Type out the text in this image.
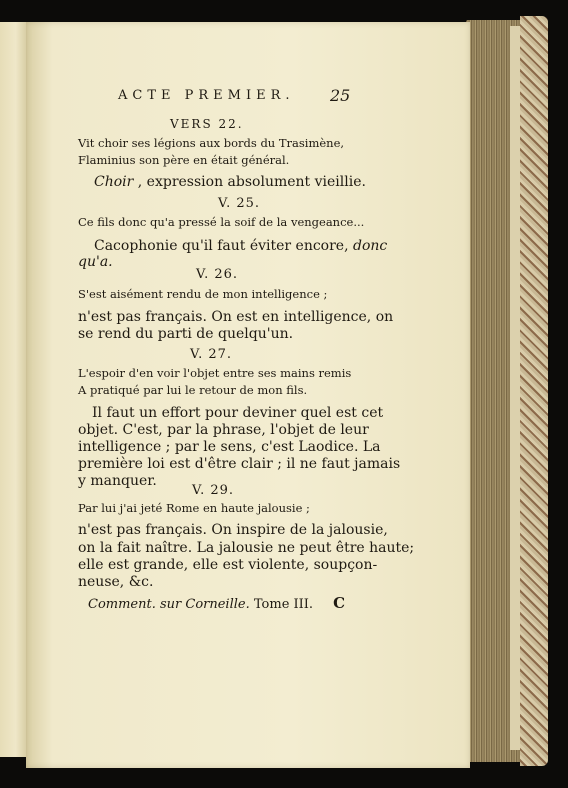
ACTE PREMIER. 25
VERS 22.
Vit choir ses légions aux bords du Trasimène,
Flaminius son père en était général.
Choir , expression absolument vieillie.
V. 25.
Ce fils donc qu'a pressé la soif de la vengeance...
Cacophonie qu'il faut éviter encore, donc
qu'a.
V. 26.
S'est aisément rendu de mon intelligence ;
n'est pas français. On est en intelligence, on
se rend du parti de quelqu'un.
V. 27.
L'espoir d'en voir l'objet entre ses mains remis
A pratiqué par lui le retour de mon fils.
Il faut un effort pour deviner quel est cet
objet. C'est, par la phrase, l'objet de leur
intelligence ; par le sens, c'est Laodice. La
première loi est d'être clair ; il ne faut jamais
y manquer.
V. 29.
Par lui j'ai jeté Rome en haute jalousie ;
n'est pas français. On inspire de la jalousie,
on la fait naître. La jalousie ne peut être haute;
elle est grande, elle est violente, soupçon-
neuse, &c.
Comment. sur Corneille. Tome III. C
